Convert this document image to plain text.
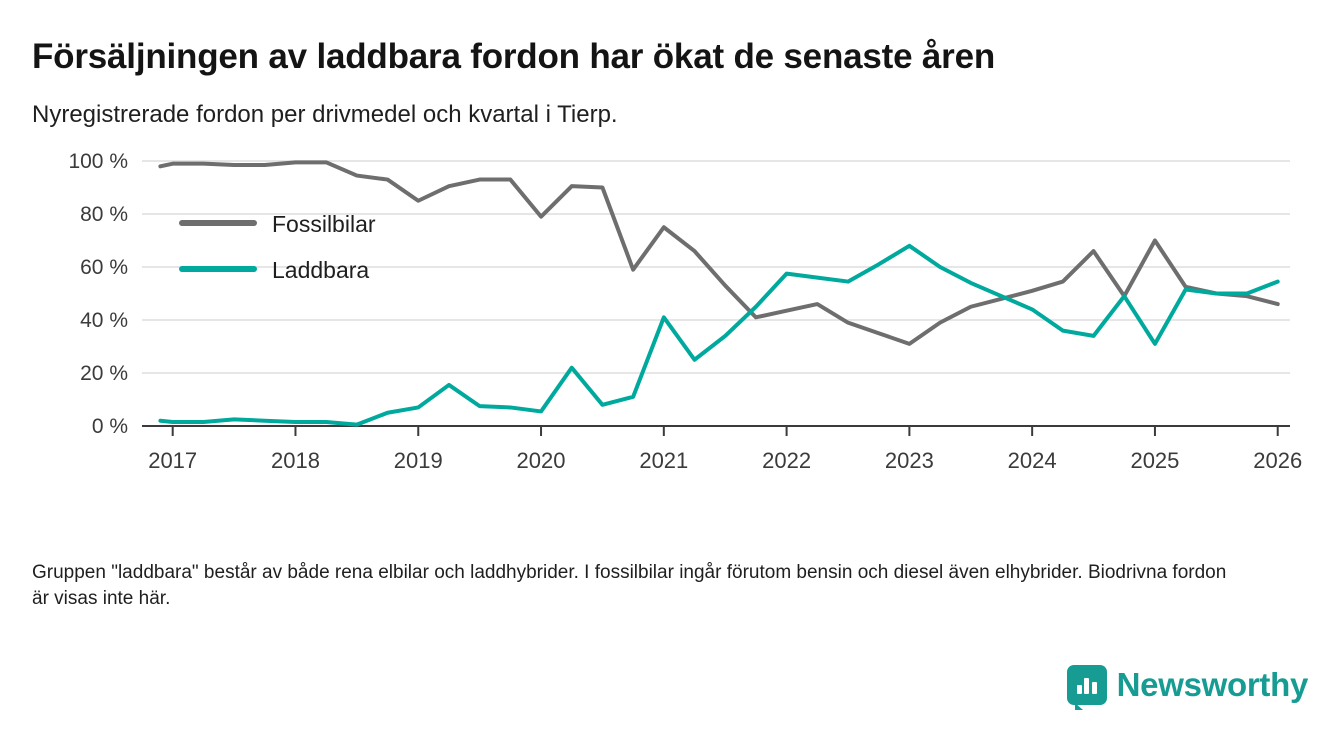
Försäljningen av laddbara fordon har ökat de senaste åren
Nyregistrerade fordon per drivmedel och kvartal i Tierp.
0 %
20 %
40 %
60 %
80 %
100 %
2017	2018	2019	2020	2021	2022	2023	2024	2025	2026
Fossilbilar
Laddbara
Gruppen "laddbara" består av både rena elbilar och laddhybrider. I fossilbilar ingår förutom bensin och diesel även elhybrider. Biodrivna fordon är visas inte här.
Newsworthy
